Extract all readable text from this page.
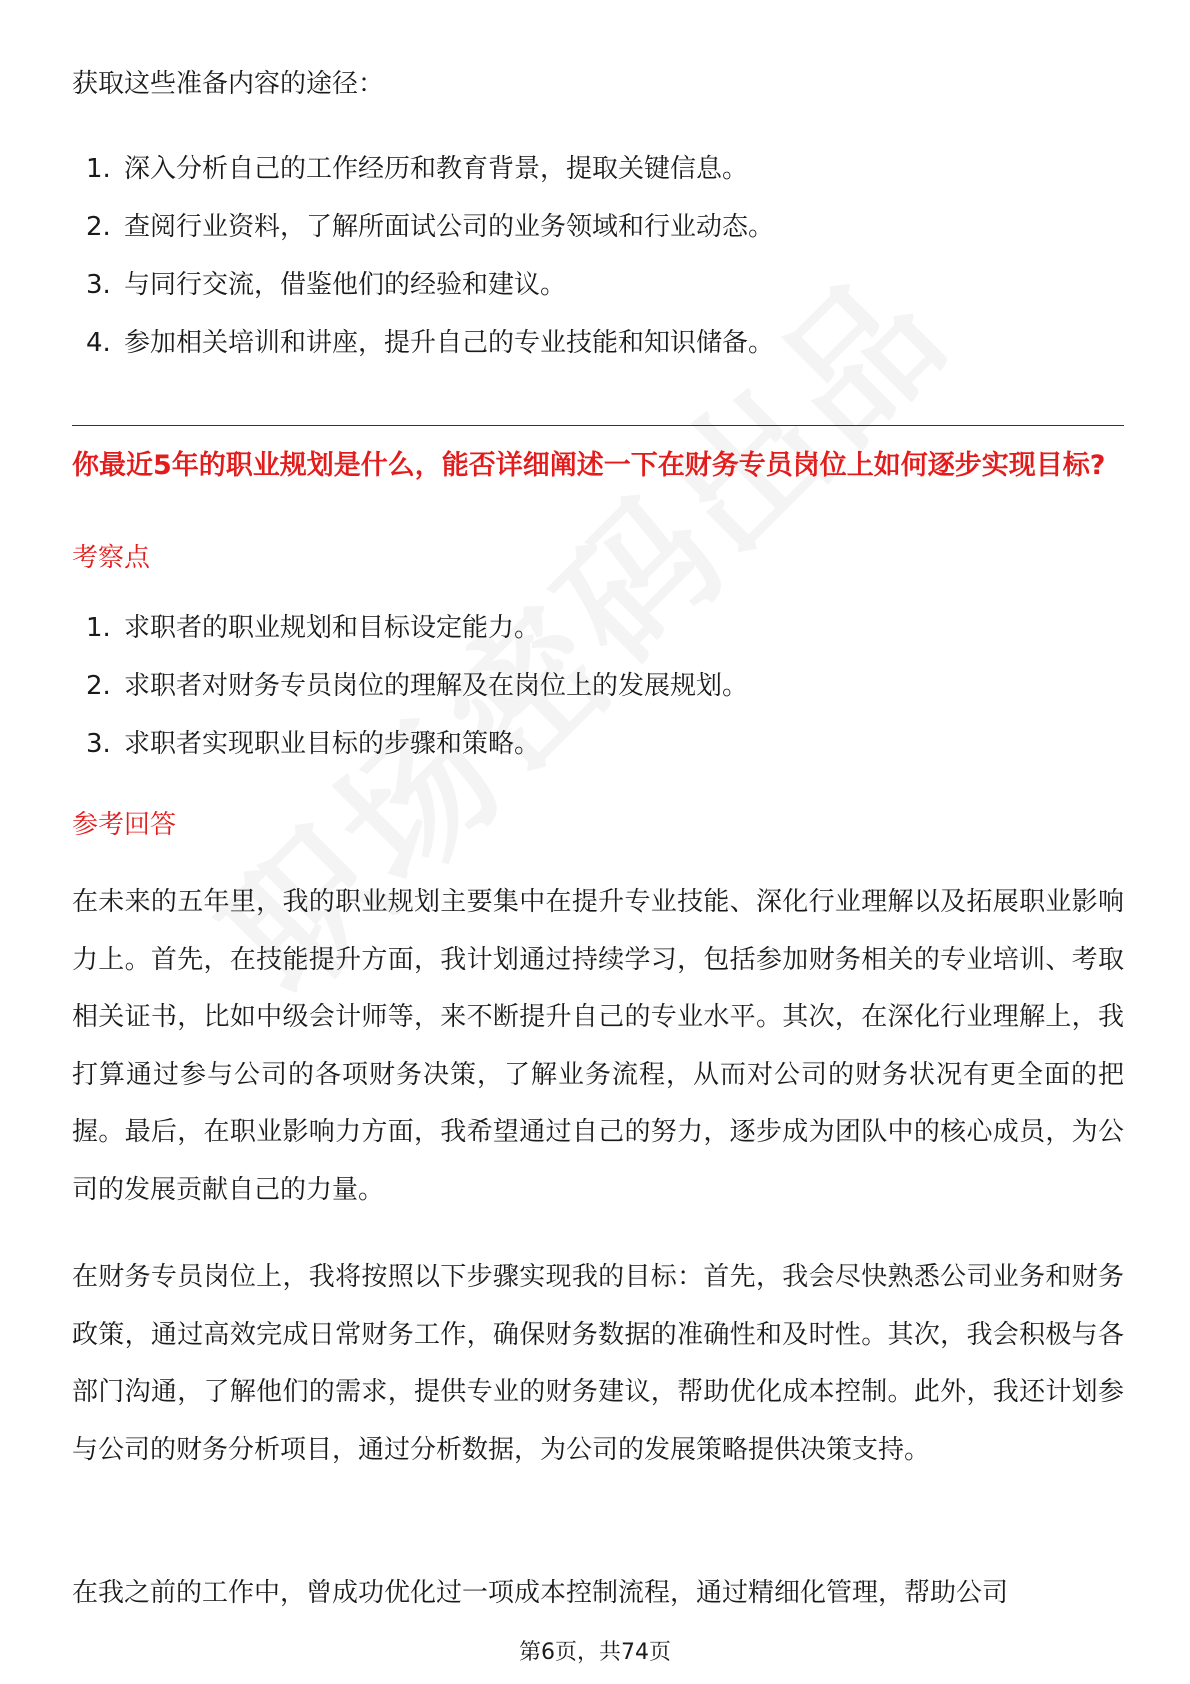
获取这些准备内容的途径：
1. 深入分析自己的工作经历和教育背景，提取关键信息。
2. 查阅行业资料，了解所面试公司的业务领域和行业动态。
3. 与同行交流，借鉴他们的经验和建议。
4. 参加相关培训和讲座，提升自己的专业技能和知识储备。
你最近5年的职业规划是什么，能否详细阐述一下在财务专员岗位上如何逐步实现目标?
考察点
1. 求职者的职业规划和目标设定能力。
2. 求职者对财务专员岗位的理解及在岗位上的发展规划。
3. 求职者实现职业目标的步骤和策略。
参考回答

在未来的五年里，我的职业规划主要集中在提升专业技能、深化行业理解以及拓展职业影响力上。首先，在技能提升方面，我计划通过持续学习，包括参加财务相关的专业培训、考取相关证书，比如中级会计师等，来不断提升自己的专业水平。其次，在深化行业理解上，我打算通过参与公司的各项财务决策，了解业务流程，从而对公司的财务状况有更全面的把握。最后，在职业影响力方面，我希望通过自己的努力，逐步成为团队中的核心成员，为公司的发展贡献自己的力量。

在财务专员岗位上，我将按照以下步骤实现我的目标：首先，我会尽快熟悉公司业务和财务政策，通过高效完成日常财务工作，确保财务数据的准确性和及时性。其次，我会积极与各部门沟通，了解他们的需求，提供专业的财务建议，帮助优化成本控制。此外，我还计划参与公司的财务分析项目，通过分析数据，为公司的发展策略提供决策支持。

在我之前的工作中，曾成功优化过一项成本控制流程，通过精细化管理，帮助公司

第6页，共74页
